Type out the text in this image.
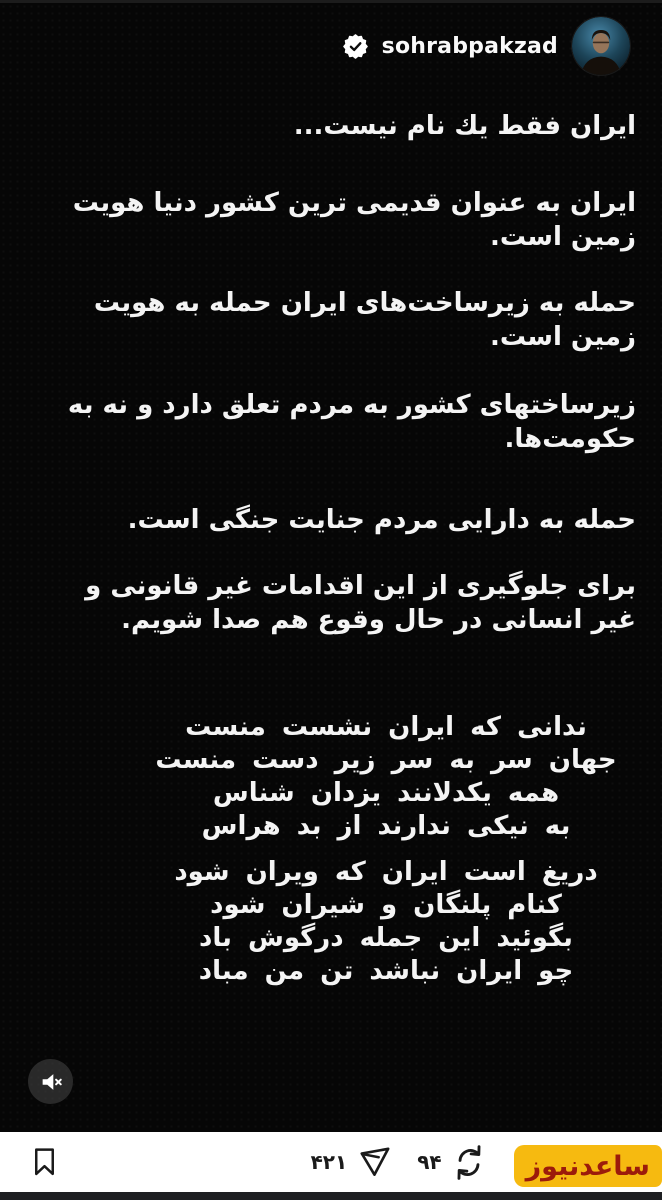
sohrabpakzad
ایران فقط یك نام نیست...
ایران به عنوان قدیمی ترین کشور دنیا هویت
زمین است.
حمله به زیرساخت‌های ایران حمله به هویت
زمین است.
زیرساختهای کشور به مردم تعلق دارد و نه به
حکومت‌ها.
حمله به دارایی مردم جنایت جنگی است.
برای جلوگیری از این اقدامات غیر قانونی و
غیر انسانی در حال وقوع هم صدا شویم.
ندانی که ایران نشست منست
جهان سر به سر زیر دست منست
همه یکدلانند یزدان شناس
به نیکی ندارند از بد هراس
دریغ است ایران که ویران شود
کنام پلنگان و شیران شود
بگوئید این جمله درگوش باد
چو ایران نباشد تن من مباد
۴۲۱	۹۴	ساعدنیوز
